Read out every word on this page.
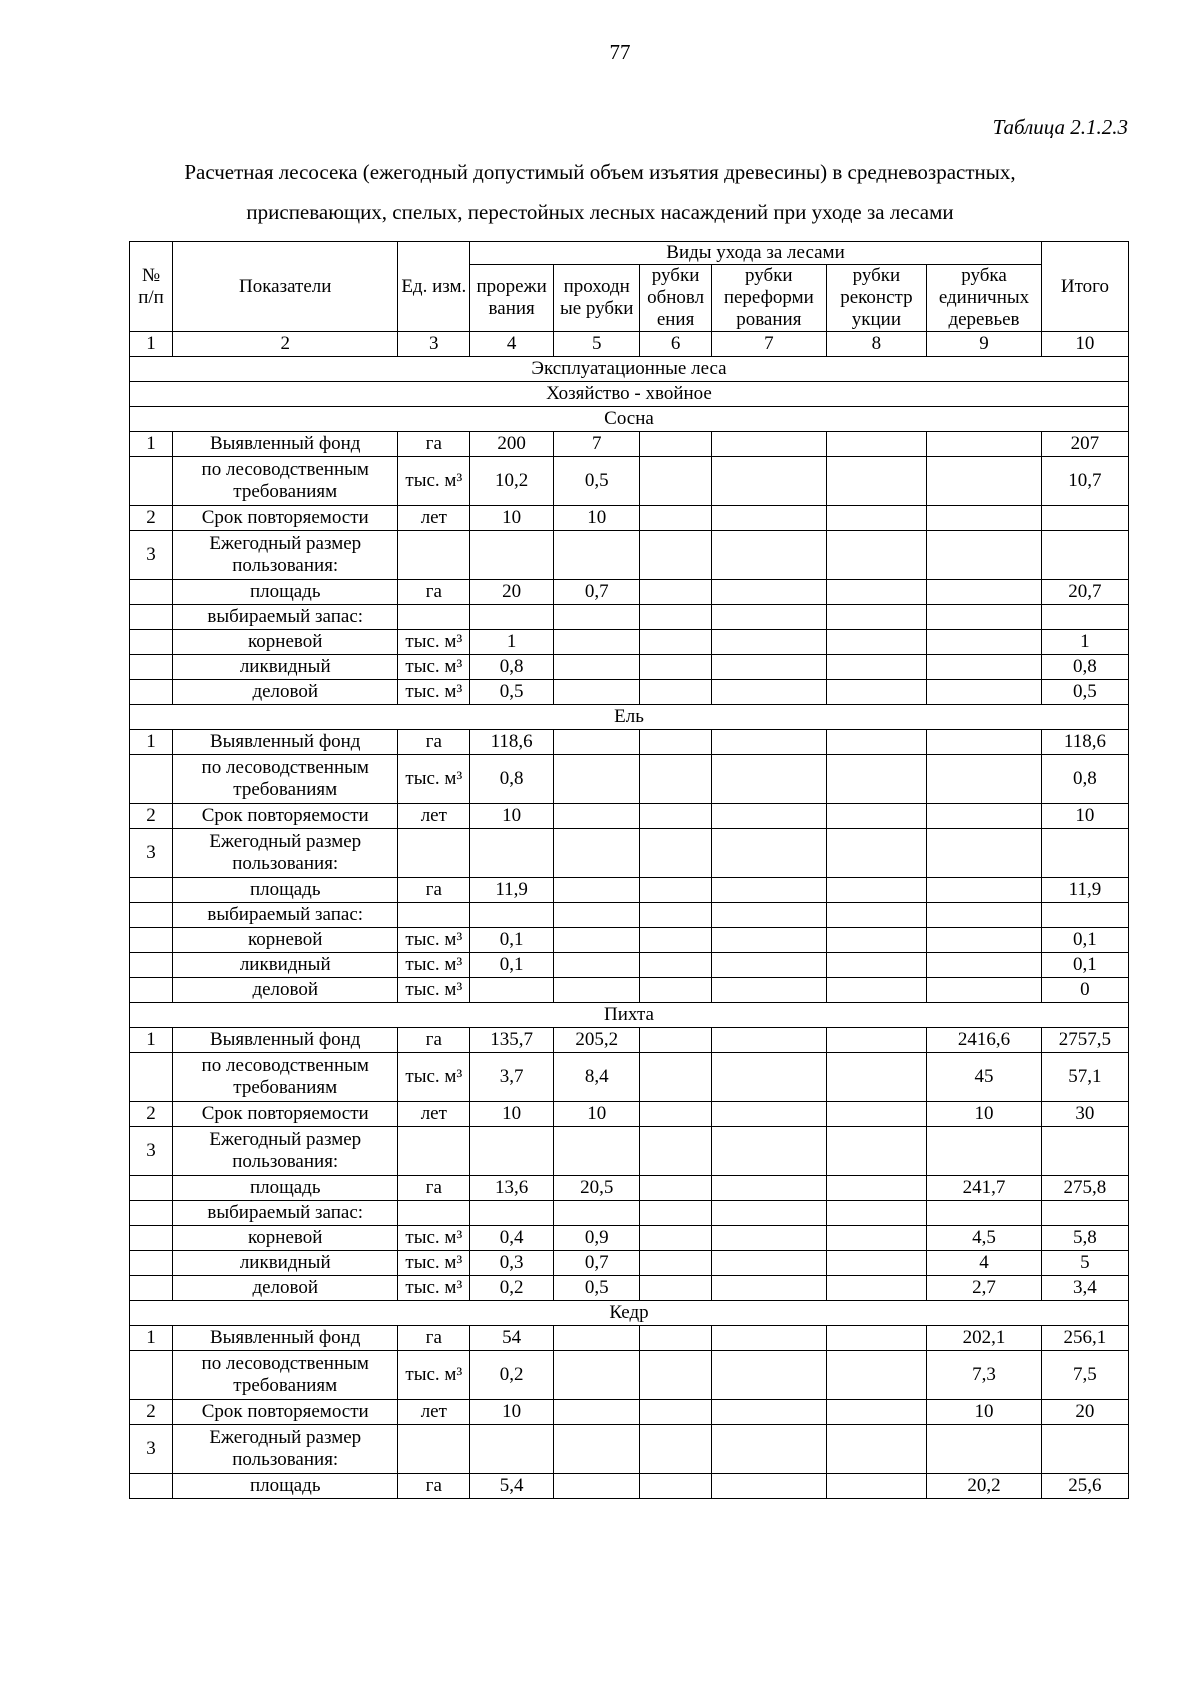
77
Таблица 2.1.2.3
Расчетная лесосека (ежегодный допустимый объем изъятия древесины) в средневозрастных,
приспевающих, спелых, перестойных лесных насаждений при уходе за лесами
№ п/п	Показатели	Ед. изм.	Виды ухода за лесами						Итого
			прорежи вания	проходн ые рубки	рубки обновл ения	рубки переформи рования	рубки реконстр укции	рубка единичных деревьев	
1	2	3	4	5	6	7	8	9	10
Эксплуатационные леса									
Хозяйство - хвойное									
Сосна									
1	Выявленный фонд	га	200	7					207
	по лесоводственным требованиям	тыс. м³	10,2	0,5					10,7
2	Срок повторяемости	лет	10	10					
3	Ежегодный размер пользования:								
	площадь	га	20	0,7					20,7
	выбираемый запас:								
	корневой	тыс. м³	1						1
	ликвидный	тыс. м³	0,8						0,8
	деловой	тыс. м³	0,5						0,5
Ель									
1	Выявленный фонд	га	118,6						118,6
	по лесоводственным требованиям	тыс. м³	0,8						0,8
2	Срок повторяемости	лет	10						10
3	Ежегодный размер пользования:								
	площадь	га	11,9						11,9
	выбираемый запас:								
	корневой	тыс. м³	0,1						0,1
	ликвидный	тыс. м³	0,1						0,1
	деловой	тыс. м³							0
Пихта									
1	Выявленный фонд	га	135,7	205,2				2416,6	2757,5
	по лесоводственным требованиям	тыс. м³	3,7	8,4				45	57,1
2	Срок повторяемости	лет	10	10				10	30
3	Ежегодный размер пользования:								
	площадь	га	13,6	20,5				241,7	275,8
	выбираемый запас:								
	корневой	тыс. м³	0,4	0,9				4,5	5,8
	ликвидный	тыс. м³	0,3	0,7				4	5
	деловой	тыс. м³	0,2	0,5				2,7	3,4
Кедр									
1	Выявленный фонд	га	54					202,1	256,1
	по лесоводственным требованиям	тыс. м³	0,2					7,3	7,5
2	Срок повторяемости	лет	10					10	20
3	Ежегодный размер пользования:								
	площадь	га	5,4					20,2	25,6
